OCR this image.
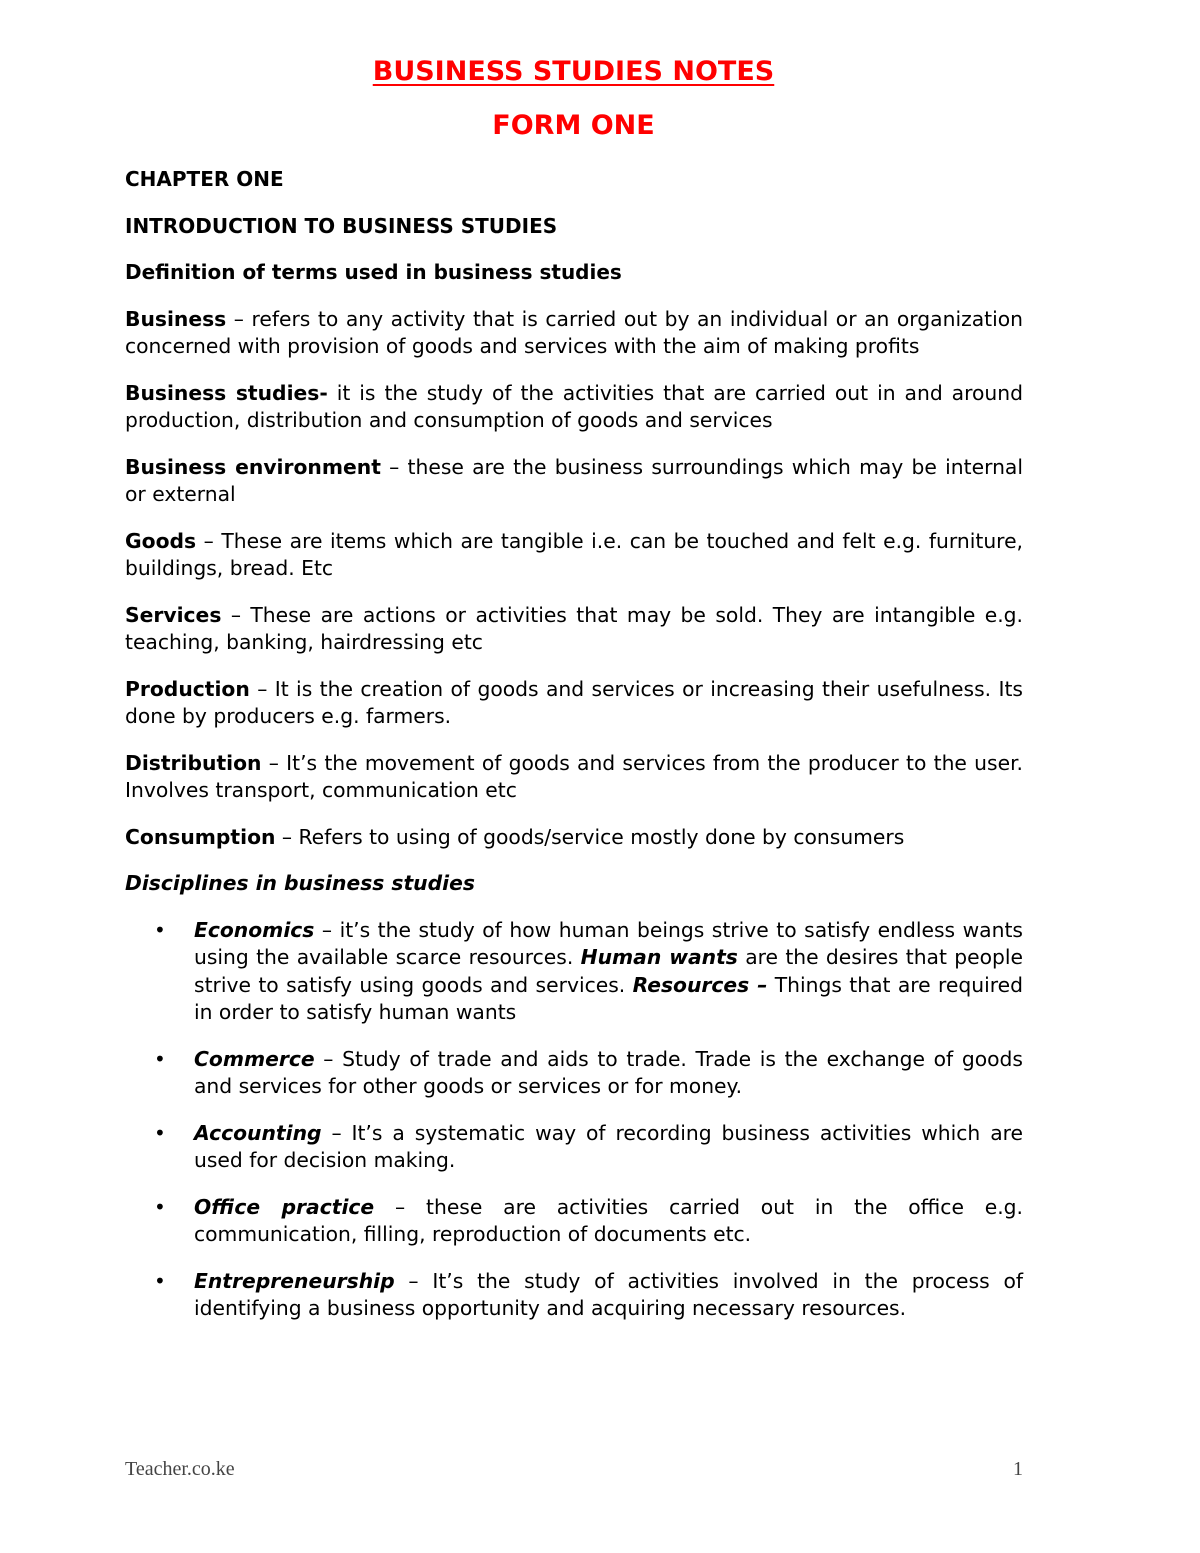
BUSINESS STUDIES NOTES

FORM ONE

CHAPTER ONE

INTRODUCTION TO BUSINESS STUDIES

Definition of terms used in business studies

Business – refers to any activity that is carried out by an individual or an organization concerned with provision of goods and services with the aim of making profits

Business studies- it is the study of the activities that are carried out in and around production, distribution and consumption of goods and services

Business environment – these are the business surroundings which may be internal or external

Goods – These are items which are tangible i.e. can be touched and felt e.g. furniture, buildings, bread. Etc

Services – These are actions or activities that may be sold. They are intangible e.g. teaching, banking, hairdressing etc

Production – It is the creation of goods and services or increasing their usefulness. Its done by producers e.g. farmers.

Distribution – It’s the movement of goods and services from the producer to the user. Involves transport, communication etc

Consumption – Refers to using of goods/service mostly done by consumers

Disciplines in business studies

• Economics – it’s the study of how human beings strive to satisfy endless wants using the available scarce resources. Human wants are the desires that people strive to satisfy using goods and services. Resources – Things that are required in order to satisfy human wants
• Commerce – Study of trade and aids to trade. Trade is the exchange of goods and services for other goods or services or for money.
• Accounting – It’s a systematic way of recording business activities which are used for decision making.
• Office practice – these are activities carried out in the office e.g. communication, filling, reproduction of documents etc.
• Entrepreneurship – It’s the study of activities involved in the process of identifying a business opportunity and acquiring necessary resources.
Teacher.co.ke	1
